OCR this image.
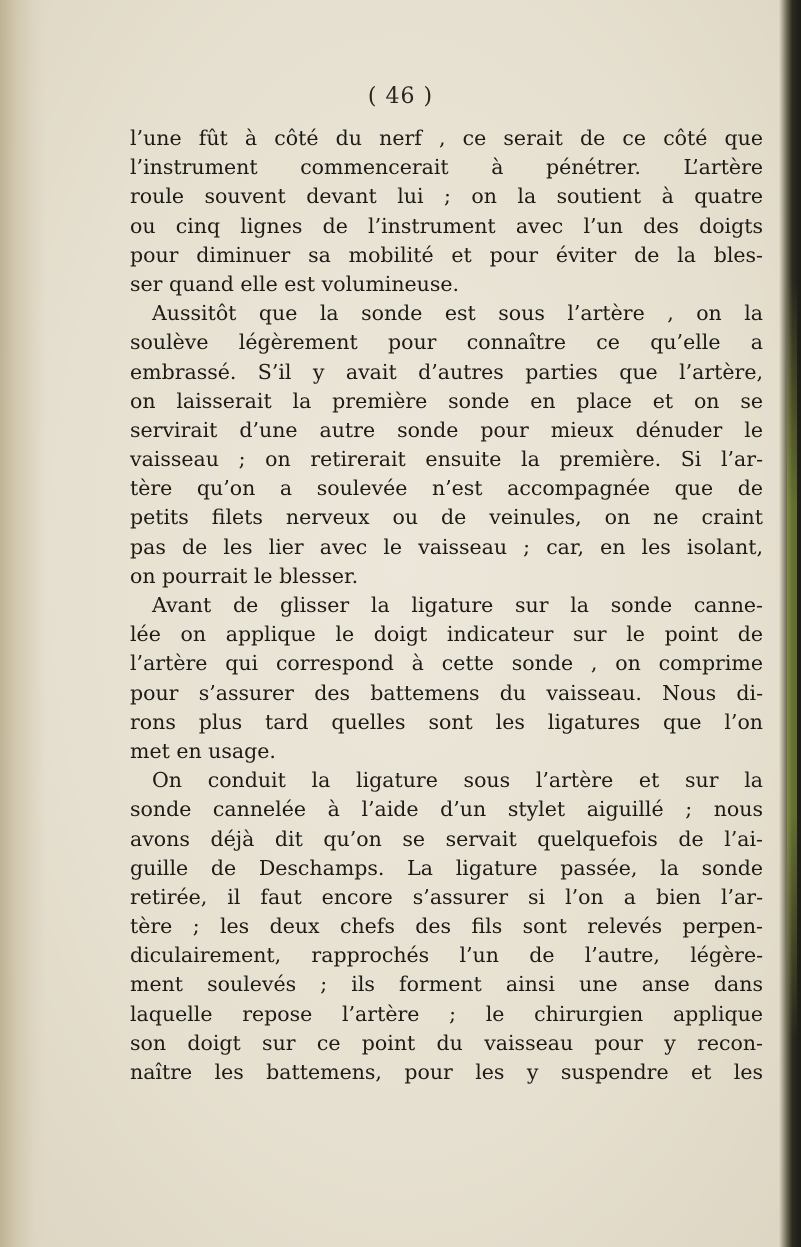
( 46 )
l’une fût à côté du nerf , ce serait de ce côté que
l’instrument commencerait à pénétrer. L’artère
roule souvent devant lui ; on la soutient à quatre
ou cinq lignes de l’instrument avec l’un des doigts
pour diminuer sa mobilité et pour éviter de la bles-
ser quand elle est volumineuse.
Aussitôt que la sonde est sous l’artère , on la
soulève légèrement pour connaître ce qu’elle a
embrassé. S’il y avait d’autres parties que l’artère,
on laisserait la première sonde en place et on se
servirait d’une autre sonde pour mieux dénuder le
vaisseau ; on retirerait ensuite la première. Si l’ar-
tère qu’on a soulevée n’est accompagnée que de
petits filets nerveux ou de veinules, on ne craint
pas de les lier avec le vaisseau ; car, en les isolant,
on pourrait le blesser.
Avant de glisser la ligature sur la sonde canne-
lée on applique le doigt indicateur sur le point de
l’artère qui correspond à cette sonde , on comprime
pour s’assurer des battemens du vaisseau. Nous di-
rons plus tard quelles sont les ligatures que l’on
met en usage.
On conduit la ligature sous l’artère et sur la
sonde cannelée à l’aide d’un stylet aiguillé ; nous
avons déjà dit qu’on se servait quelquefois de l’ai-
guille de Deschamps. La ligature passée, la sonde
retirée, il faut encore s’assurer si l’on a bien l’ar-
tère ; les deux chefs des fils sont relevés perpen-
diculairement, rapprochés l’un de l’autre, légère-
ment soulevés ; ils forment ainsi une anse dans
laquelle repose l’artère ; le chirurgien applique
son doigt sur ce point du vaisseau pour y recon-
naître les battemens, pour les y suspendre et les
